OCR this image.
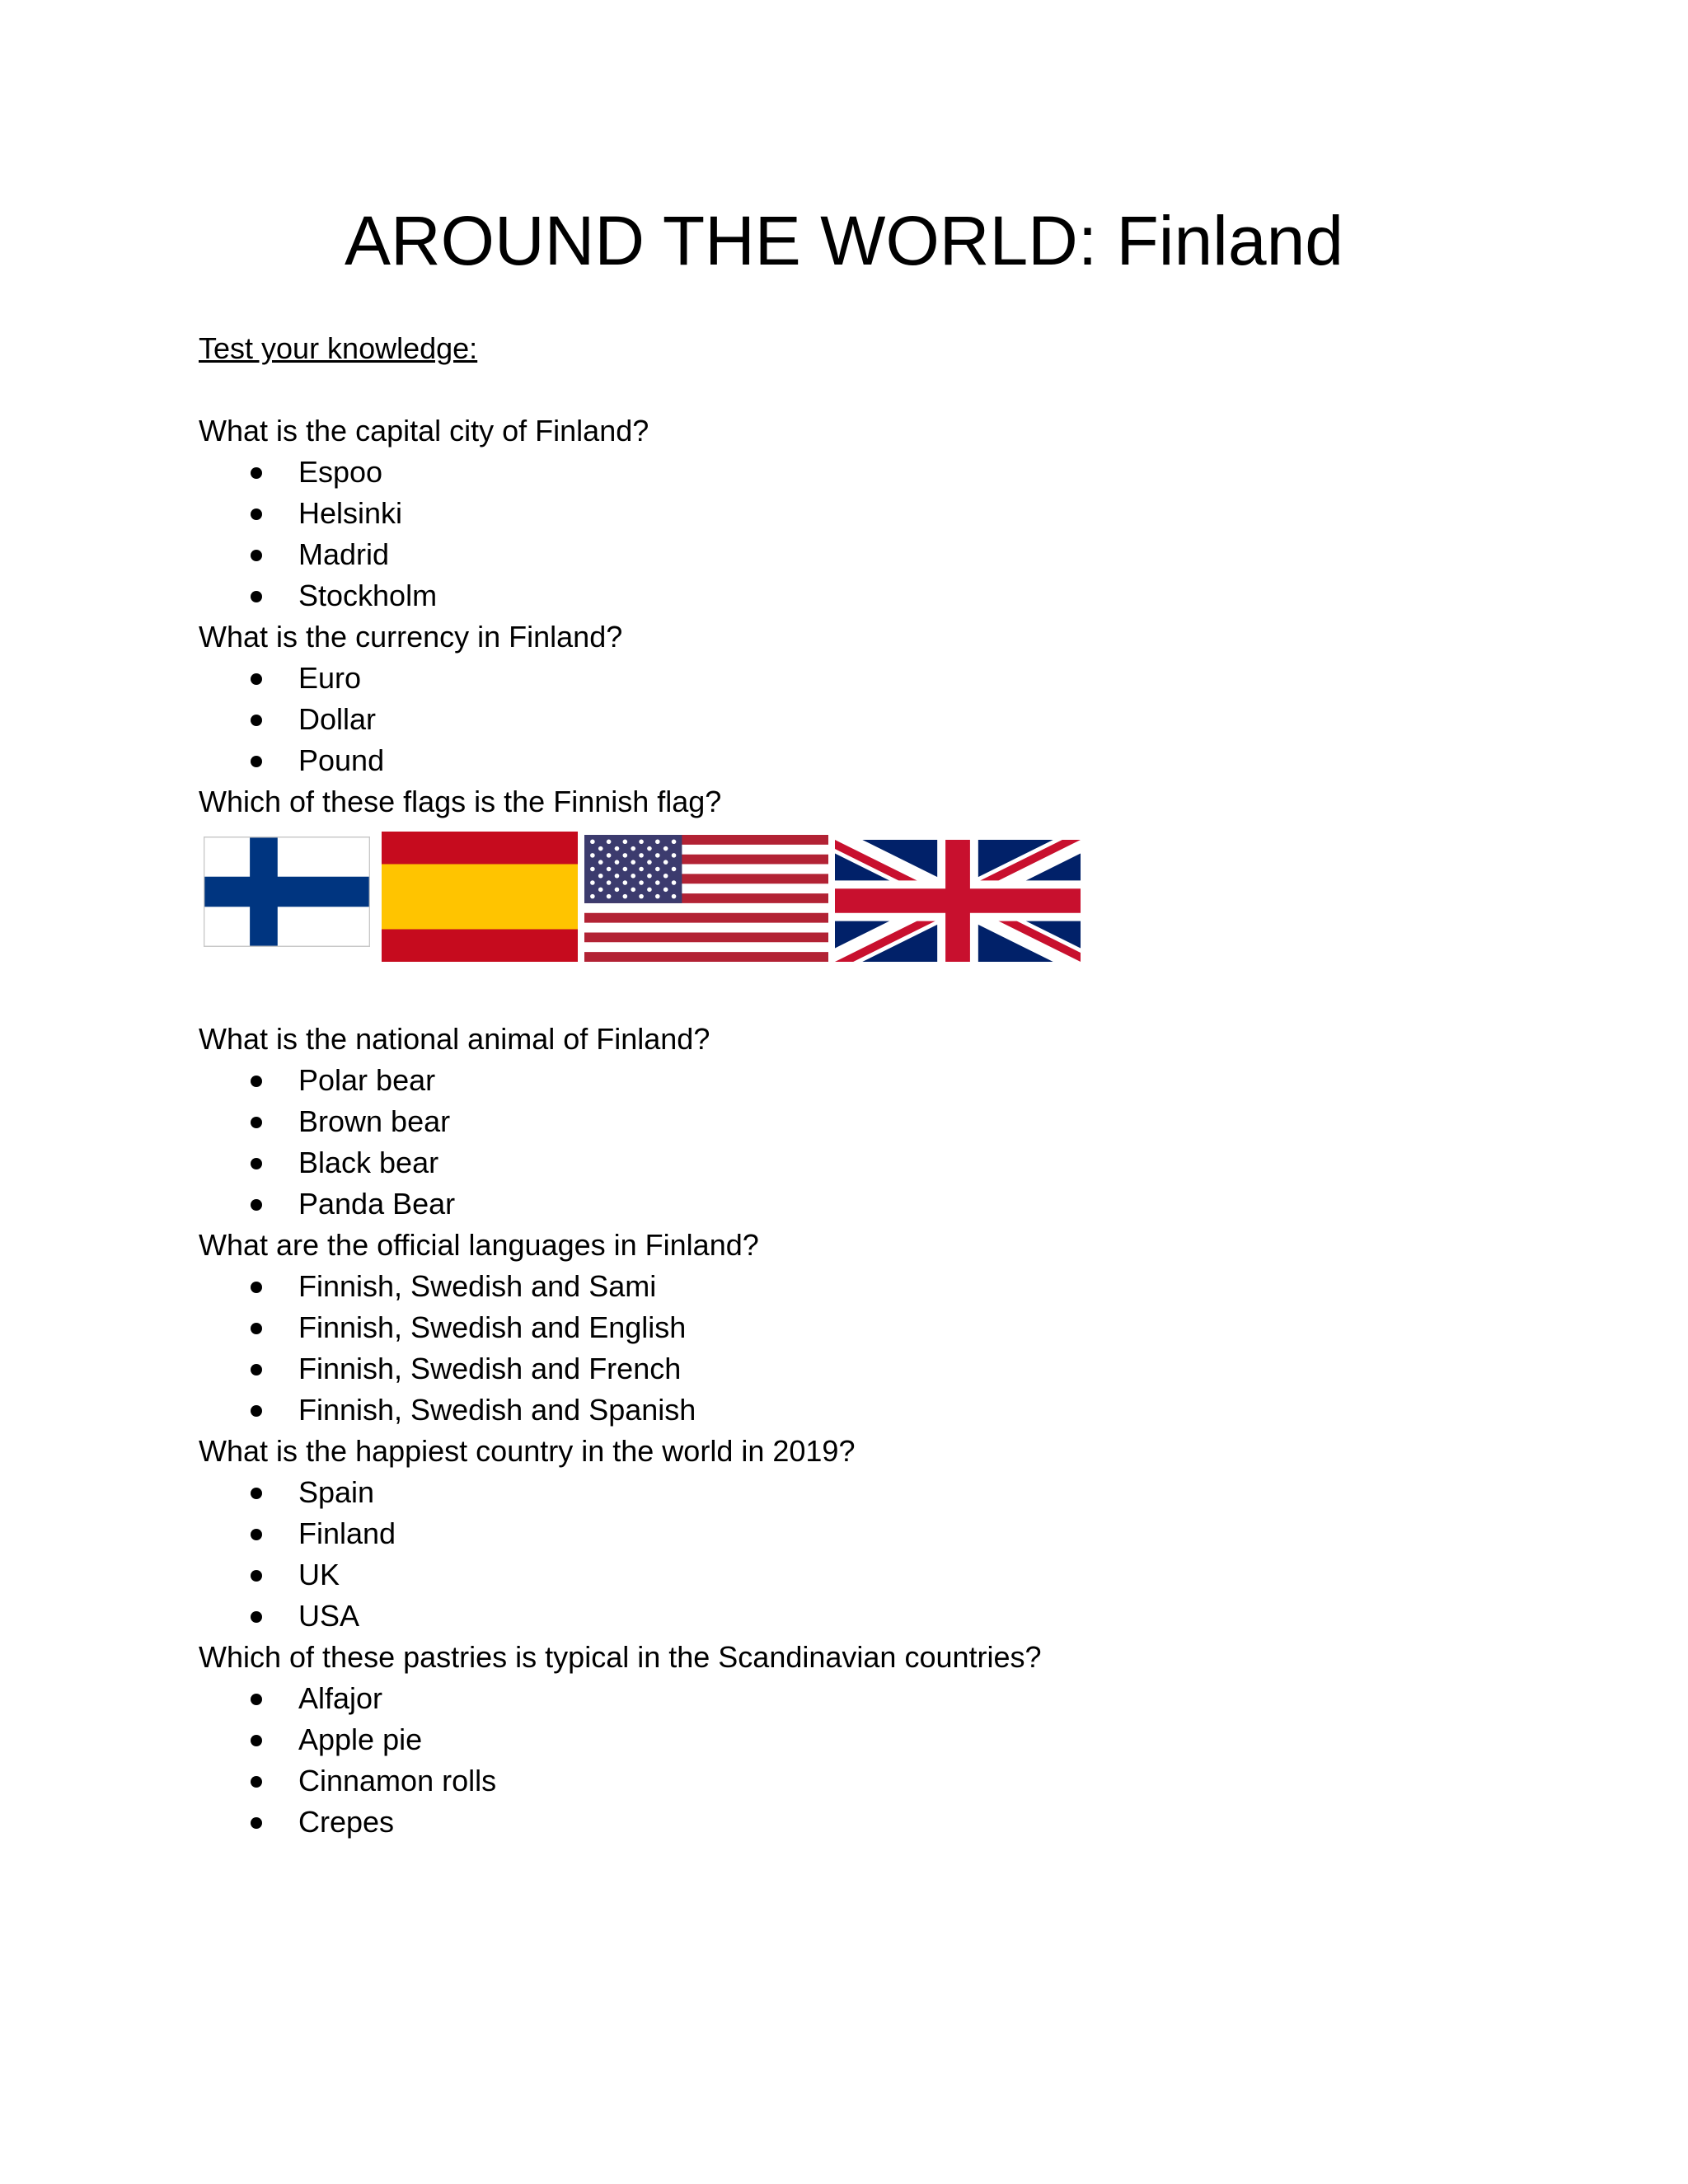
AROUND THE WORLD: Finland
Test your knowledge:
What is the capital city of Finland?
Espoo
Helsinki
Madrid
Stockholm
What is the currency in Finland?
Euro
Dollar
Pound
Which of these flags is the Finnish flag?
What is the national animal of Finland?
Polar bear
Brown bear
Black bear
Panda Bear
What are the official languages in Finland?
Finnish, Swedish and Sami
Finnish, Swedish and English
Finnish, Swedish and French
Finnish, Swedish and Spanish
What is the happiest country in the world in 2019?
Spain
Finland
UK
USA
Which of these pastries is typical in the Scandinavian countries?
Alfajor
Apple pie
Cinnamon rolls
Crepes
